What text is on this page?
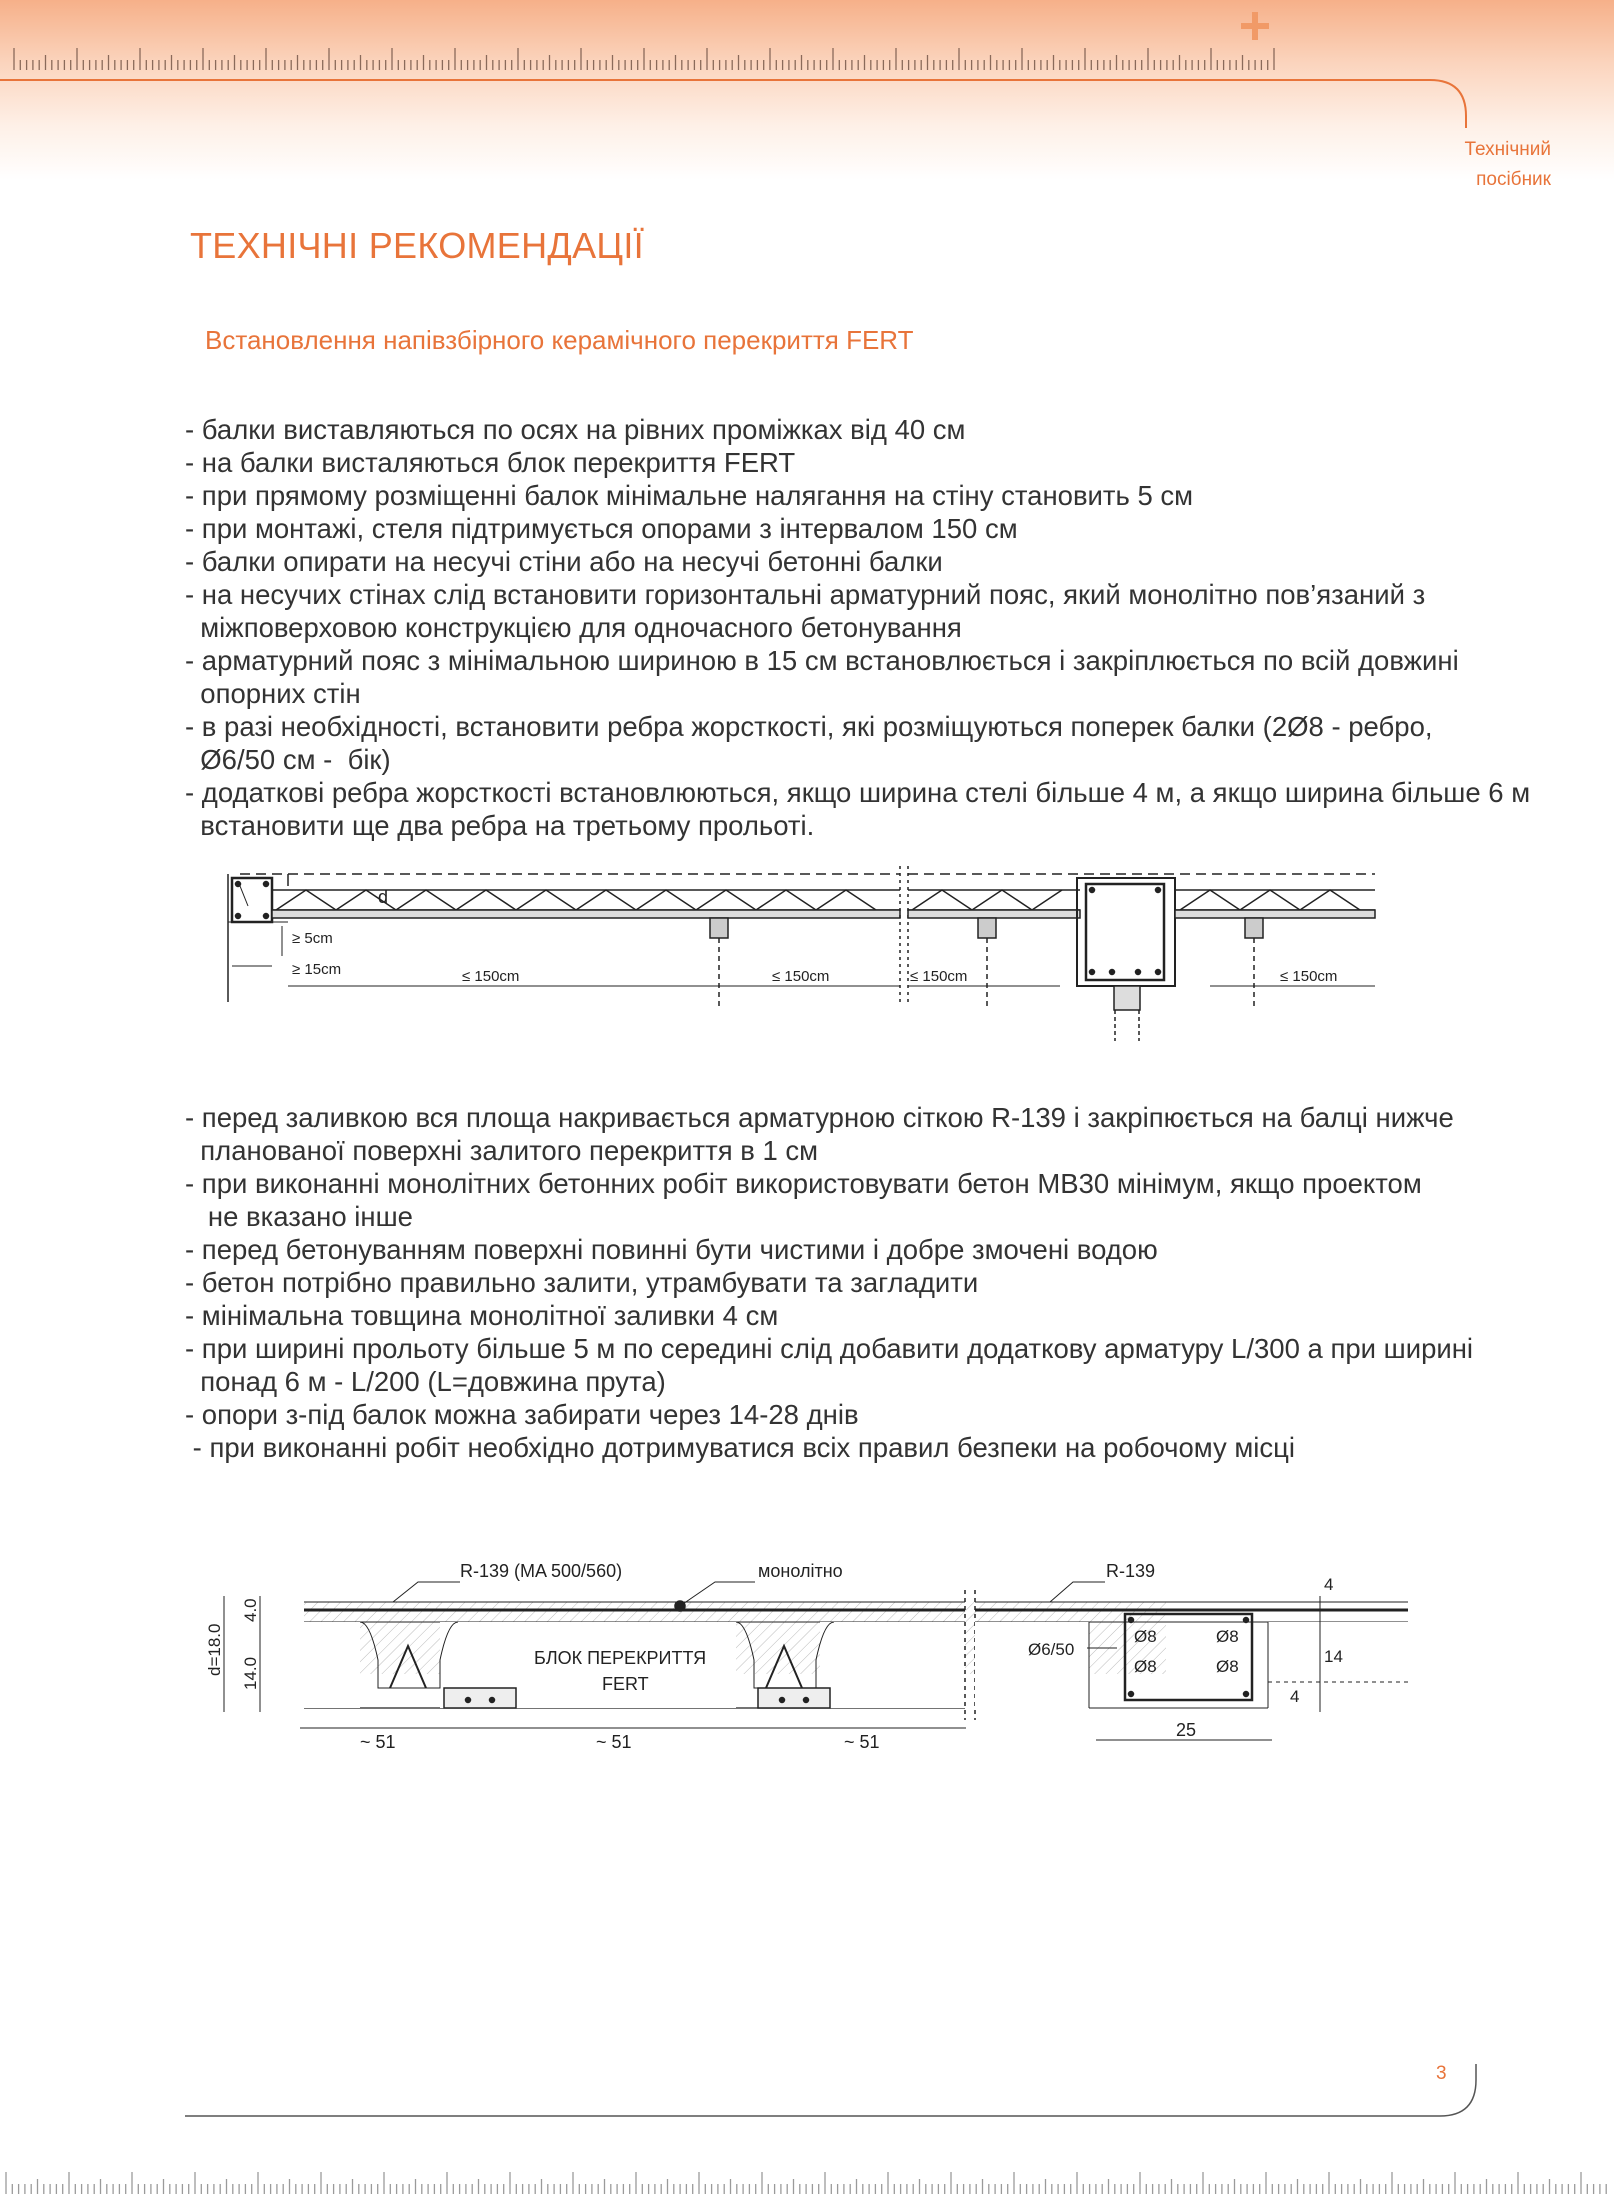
Технічний
посібник
ТЕХНІЧНІ РЕКОМЕНДАЦІЇ
Встановлення напівзбірного керамічного перекриття FERT
- балки виставляються по осях на рівних проміжках від 40 см
- на балки висталяються блок перекриття FERT
- при прямому розміщенні балок мінімальне налягання на стіну становить 5 см
- при монтажі, стеля підтримується опорами з інтервалом 150 см
- балки опирати на несучі стіни або на несучі бетонні балки
- на несучих стінах слід встановити горизонтальні арматурний пояс, який монолітно пов’язаний з
міжповерховою конструкцією для одночасного бетонування
- арматурний пояс з мінімальною шириною в 15 см встановлюється і закріплюється по всій довжині
опорних стін
- в разі необхідності, встановити ребра жорсткості, які розміщуються поперек балки (2Ø8 - ребро,
Ø6/50 см -  бік)
- додаткові ребра жорсткості встановлюються, якщо ширина стелі більше 4 м, а якщо ширина більше 6 м
встановити ще два ребра на третьому прольоті.
d
≥ 5cm
≥ 15cm	≤ 150cm	≤ 150cm	≤ 150cm	≤ 150cm
- перед заливкою вся площа накривається арматурною сіткою R-139 і закріпюється на балці нижче
планованої поверхні залитого перекриття в 1 см
- при виконанні монолітних бетонних робіт використовувати бетон МВ30 мінімум, якщо проектом
не вказано інше
- перед бетонуванням поверхні повинні бути чистими і добре змочені водою
- бетон потрібно правильно залити, утрамбувати та загладити
- мінімальна товщина монолітної заливки 4 см
- при ширині прольоту більше 5 м по середині слід добавити додаткову арматуру L/300 а при ширині
понад 6 м - L/200 (L=довжина прута)
- опори з-під балок можна забирати через 14-28 днів
- при виконанні робіт необхідно дотримуватися всіх правил безпеки на робочому місці
R-139 (MA 500/560)	монолітно
БЛОК ПЕРЕКРИТТЯ
FERT
d=18.0
4.0
14.0
~ 51	~ 51	~ 51
R-139
Ø6/50
Ø8	Ø8
Ø8	Ø8
4
14
4
25
3
